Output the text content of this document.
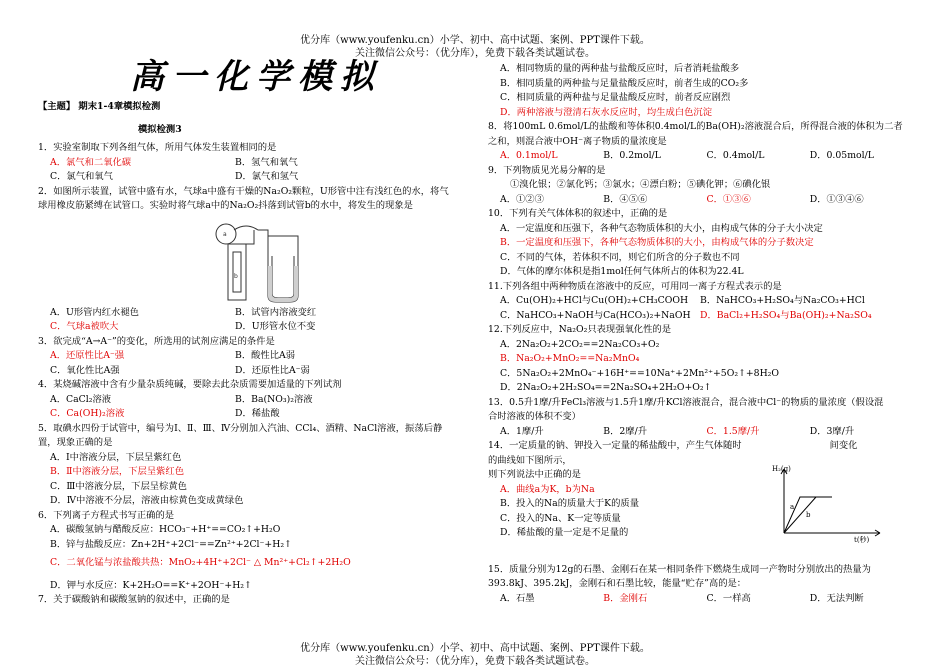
优分库（www.youfenku.cn）小学、初中、高中试题、案例、PPT课件下载。
关注微信公众号：（优分库），免费下载各类试题试卷。
高一化学模拟
【主题】 期末1-4章模拟检测
模拟检测3

1．实验室制取下列各组气体，所用气体发生装置相同的是

A．氯气和二氧化碳	B．氢气和氧气
C．氯气和氧气	D．氯气和氢气

2．如图所示装置，试管中盛有水，气球a中盛有干燥的Na₂O₂颗粒，U形管中注有浅红色的水，将气

球用橡皮筋紧缚在试管口。实验时将气球a中的Na₂O₂抖落到试管b的水中，将发生的现象是

b
a
A．U形管内红水褪色	B．试管内溶液变红
C．气球a被吹大	D．U形管水位不变

3．欲完成“A→A⁻”的变化，所选用的试剂应满足的条件是

A．还原性比A⁻强	B．酸性比A弱
C．氧化性比A强	D．还原性比A⁻弱

4．某烧碱溶液中含有少量杂质纯碱，要除去此杂质需要加适量的下列试剂

A．CaCl₂溶液	B．Ba(NO₃)₂溶液
C．Ca(OH)₂溶液	D．稀盐酸

5．取碘水四份于试管中，编号为Ⅰ、Ⅱ、Ⅲ、Ⅳ分别加入汽油、CCl₄、酒精、NaCl溶液，振荡后静

置，现象正确的是

A．Ⅰ中溶液分层，下层呈紫红色
B．Ⅱ中溶液分层，下层呈紫红色
C．Ⅲ中溶液分层，下层呈棕黄色
D．Ⅳ中溶液不分层，溶液由棕黄色变成黄绿色

6．下列离子方程式书写正确的是

A．碳酸氢钠与醋酸反应：HCO₃⁻+H⁺==CO₂↑+H₂O
B．锌与盐酸反应：Zn+2H⁺+2Cl⁻==Zn²⁺+2Cl⁻+H₂↑
C．二氧化锰与浓盐酸共热：MnO₂+4H⁺+2Cl⁻ △ Mn²⁺+Cl₂↑+2H₂O
D．钾与水反应：K+2H₂O==K⁺+2OH⁻+H₂↑

7．关于碳酸钠和碳酸氢钠的叙述中，正确的是

A．相同物质的量的两种盐与盐酸反应时，后者消耗盐酸多
B．相同质量的两种盐与足量盐酸反应时，前者生成的CO₂多
C．相同质量的两种盐与足量盐酸反应时，前者反应剧烈
D．两种溶液与澄清石灰水反应时，均生成白色沉淀

8．将100mL 0.6mol/L的盐酸和等体积0.4mol/L的Ba(OH)₂溶液混合后，所得混合液的体积为二者

之和，则混合液中OH⁻离子物质的量浓度是

A．0.1mol/L	B．0.2mol/L	C．0.4mol/L	D．0.05mol/L

9．下列物质见光易分解的是

①溴化银；②氯化钙；③氯水；④漂白粉；⑤碘化钾；⑥碘化银
A．①②③	B．④⑤⑥	C．①③⑥	D．①③④⑥

10．下列有关气体体积的叙述中，正确的是

A．一定温度和压强下，各种气态物质体积的大小，由构成气体的分子大小决定
B．一定温度和压强下，各种气态物质体积的大小，由构成气体的分子数决定
C．不同的气体，若体积不同，则它们所含的分子数也不同
D．气体的摩尔体积是指1mol任何气体所占的体积为22.4L

11.下列各组中两种物质在溶液中的反应，可用同一离子方程式表示的是

A．Cu(OH)₂+HCl与Cu(OH)₂+CH₃COOH	B．NaHCO₃+H₂SO₄与Na₂CO₃+HCl
C．NaHCO₃+NaOH与Ca(HCO₃)₂+NaOH	D．BaCl₂+H₂SO₄与Ba(OH)₂+Na₂SO₄

12.下列反应中，Na₂O₂只表现强氧化性的是

A．2Na₂O₂+2CO₂==2Na₂CO₃+O₂
B．Na₂O₂+MnO₂==Na₂MnO₄
C．5Na₂O₂+2MnO₄⁻+16H⁺==10Na⁺+2Mn²⁺+5O₂↑+8H₂O
D．2Na₂O₂+2H₂SO₄==2Na₂SO₄+2H₂O+O₂↑

13．0.5升1摩/升FeCl₃溶液与1.5升1摩/升KCl溶液混合，混合液中Cl⁻的物质的量浓度（假设混

合时溶液的体积不变）

A．1摩/升	B．2摩/升	C．1.5摩/升	D．3摩/升

14．一定质量的钠、钾投入一定量的稀盐酸中，产生气体随时	间变化

的曲线如下图所示，

则下列说法中正确的是

A．曲线a为K，b为Na
B．投入的Na的质量大于K的质量
C．投入的Na、K一定等质量
D．稀盐酸的量一定是不足量的
H₂(g)
t(秒)
a
b

15．质量分别为12g的石墨、金刚石在某一相同条件下燃烧生成同一产物时分别放出的热量为

393.8kJ、395.2kJ，金刚石和石墨比较，能量“贮存”高的是：

A．石墨	B．金刚石	C．一样高	D．无法判断
优分库（www.youfenku.cn）小学、初中、高中试题、案例、PPT课件下载。
关注微信公众号：（优分库），免费下载各类试题试卷。
